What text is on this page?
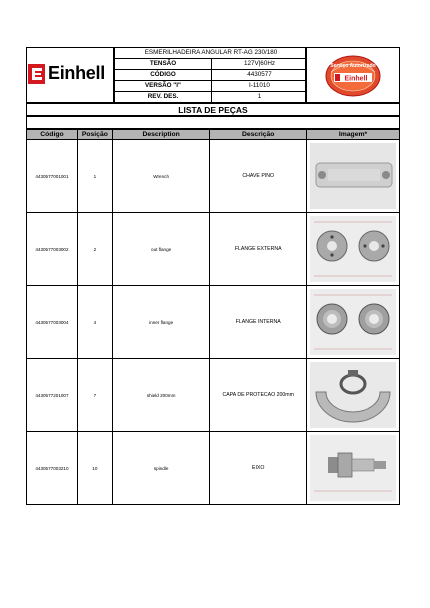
Einhell
ESMERILHADEIRA ANGULAR RT-AG 230/180
TENSÃO	127V|60Hz
CÓDIGO	4430577
VERSÃO "I"	I-11010
REV. DES.	1
Serviço Autorizado
Einhell
LISTA DE PEÇAS
Código	Posição	Description	Descrição	Imagem*
4430577001001	1	Wrench	CHAVE PINO	

4430577003002	2	out flange	FLANGE EXTERNA	

4430577003004	4	inner flange	FLANGE INTERNA	

4430577201007	7	shield 200mm	CAPA DE PROTECAO 200mm	

4430577003210	10	spindle	EIXO	
